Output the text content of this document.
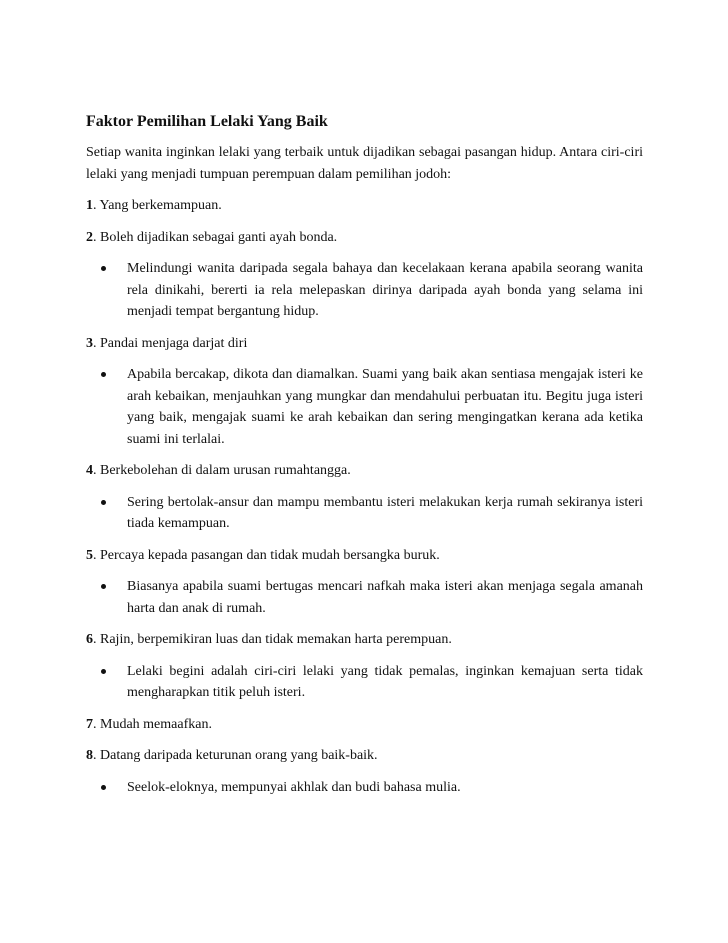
Faktor Pemilihan Lelaki Yang Baik
Setiap wanita inginkan lelaki yang terbaik untuk dijadikan sebagai pasangan hidup. Antara ciri-ciri lelaki yang menjadi tumpuan perempuan dalam pemilihan jodoh:
1. Yang berkemampuan.
2. Boleh dijadikan sebagai ganti ayah bonda.
Melindungi wanita daripada segala bahaya dan kecelakaan kerana apabila seorang wanita rela dinikahi, bererti ia rela melepaskan dirinya daripada ayah bonda yang selama ini menjadi tempat bergantung hidup.
3. Pandai menjaga darjat diri
Apabila bercakap, dikota dan diamalkan. Suami yang baik akan sentiasa mengajak isteri ke arah kebaikan, menjauhkan yang mungkar dan mendahului perbuatan itu. Begitu juga isteri yang baik, mengajak suami ke arah kebaikan dan sering mengingatkan kerana ada ketika suami ini terlalai.
4. Berkebolehan di dalam urusan rumahtangga.
Sering bertolak-ansur dan mampu membantu isteri melakukan kerja rumah sekiranya isteri tiada kemampuan.
5. Percaya kepada pasangan dan tidak mudah bersangka buruk.
Biasanya apabila suami bertugas mencari nafkah maka isteri akan menjaga segala amanah harta dan anak di rumah.
6. Rajin, berpemikiran luas dan tidak memakan harta perempuan.
Lelaki begini adalah ciri-ciri lelaki yang tidak pemalas, inginkan kemajuan serta tidak mengharapkan titik peluh isteri.
7. Mudah memaafkan.
8. Datang daripada keturunan orang yang baik-baik.
Seelok-eloknya, mempunyai akhlak dan budi bahasa mulia.
